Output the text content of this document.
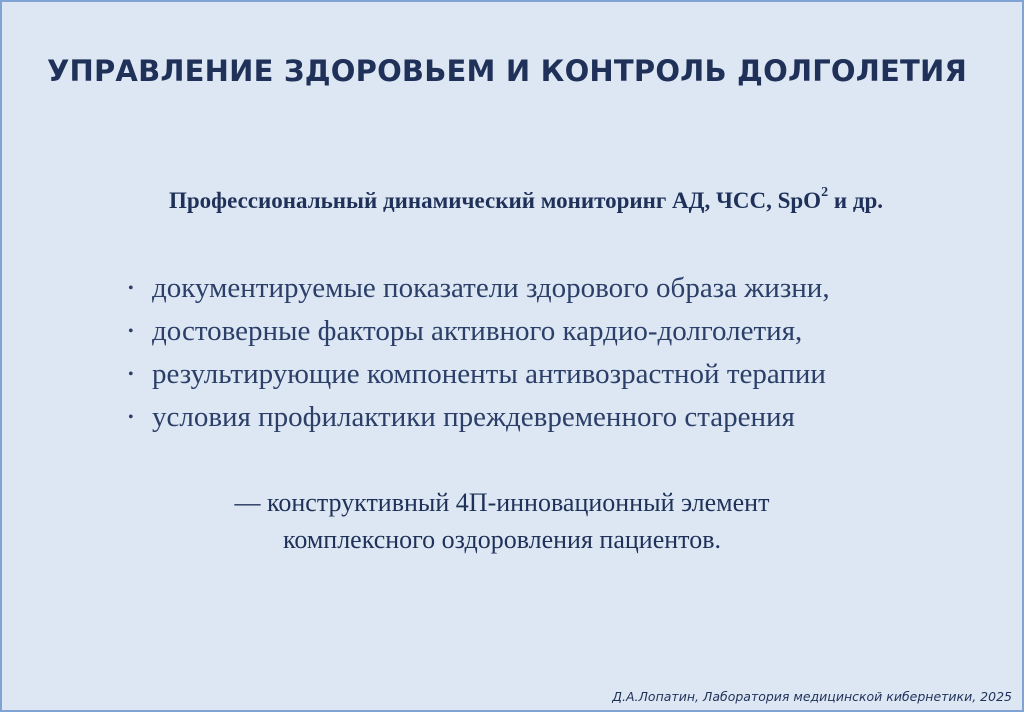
УПРАВЛЕНИЕ ЗДОРОВЬЕМ И КОНТРОЛЬ ДОЛГОЛЕТИЯ
Профессиональный динамический мониторинг АД, ЧСС, SpO$^2$ и др.
• документируемые показатели здорового образа жизни,
• достоверные факторы активного кардио-долголетия,
• результирующие компоненты антивозрастной терапии
• условия профилактики преждевременного старения
— конструктивный 4П-инновационный элемент
комплексного оздоровления пациентов.
Д.А.Лопатин, Лаборатория медицинской кибернетики, 2025
